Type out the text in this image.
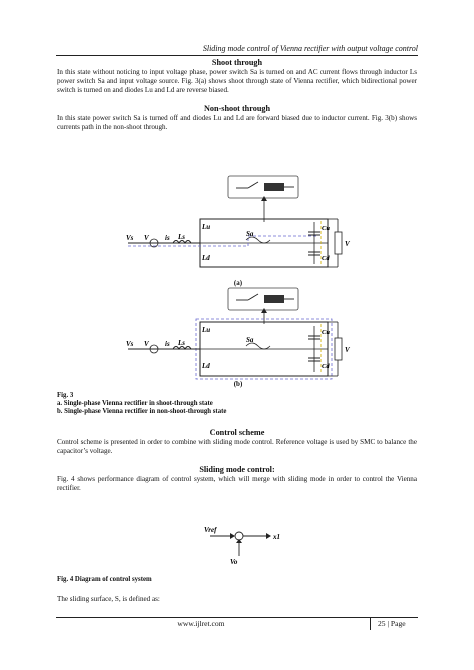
Sliding mode control of Vienna rectifier with output voltage control
Shoot through
In this state without noticing to input voltage phase, power switch Sa is turned on and AC current flows through inductor Ls power switch Sa and input voltage source. Fig. 3(a) shows shoot through state of Vienna rectifier, which bidirectional power switch is turned on and diodes Lu and Ld are reverse biased.
Non-shoot through
In this state power switch Sa is turned off and diodes Lu and Ld are forward biased due to inductor current. Fig. 3(b) shows currents path in the non-shoot through.
Vs V is Ls
Lu
Ld
Sa
Cu
Cd
V
(a)
Vs V is Ls
Lu
Ld
Sa
Cu
Cd
V
(b)
Fig. 3
a. Single-phase Vienna rectifier in shoot-through state
b. Single-phase Vienna rectifier in non-shoot-through state
Control scheme
Control scheme is presented in order to combine with sliding mode control. Reference voltage is used by SMC to balance the capacitor’s voltage.
Sliding mode control:
Fig. 4 shows performance diagram of control system, which will merge with sliding mode in order to control the Vienna rectifier.
Vref
x1
Vo
Fig. 4 Diagram of control system
The sliding surface, S, is defined as:
www.ijlret.com	25 | Page
